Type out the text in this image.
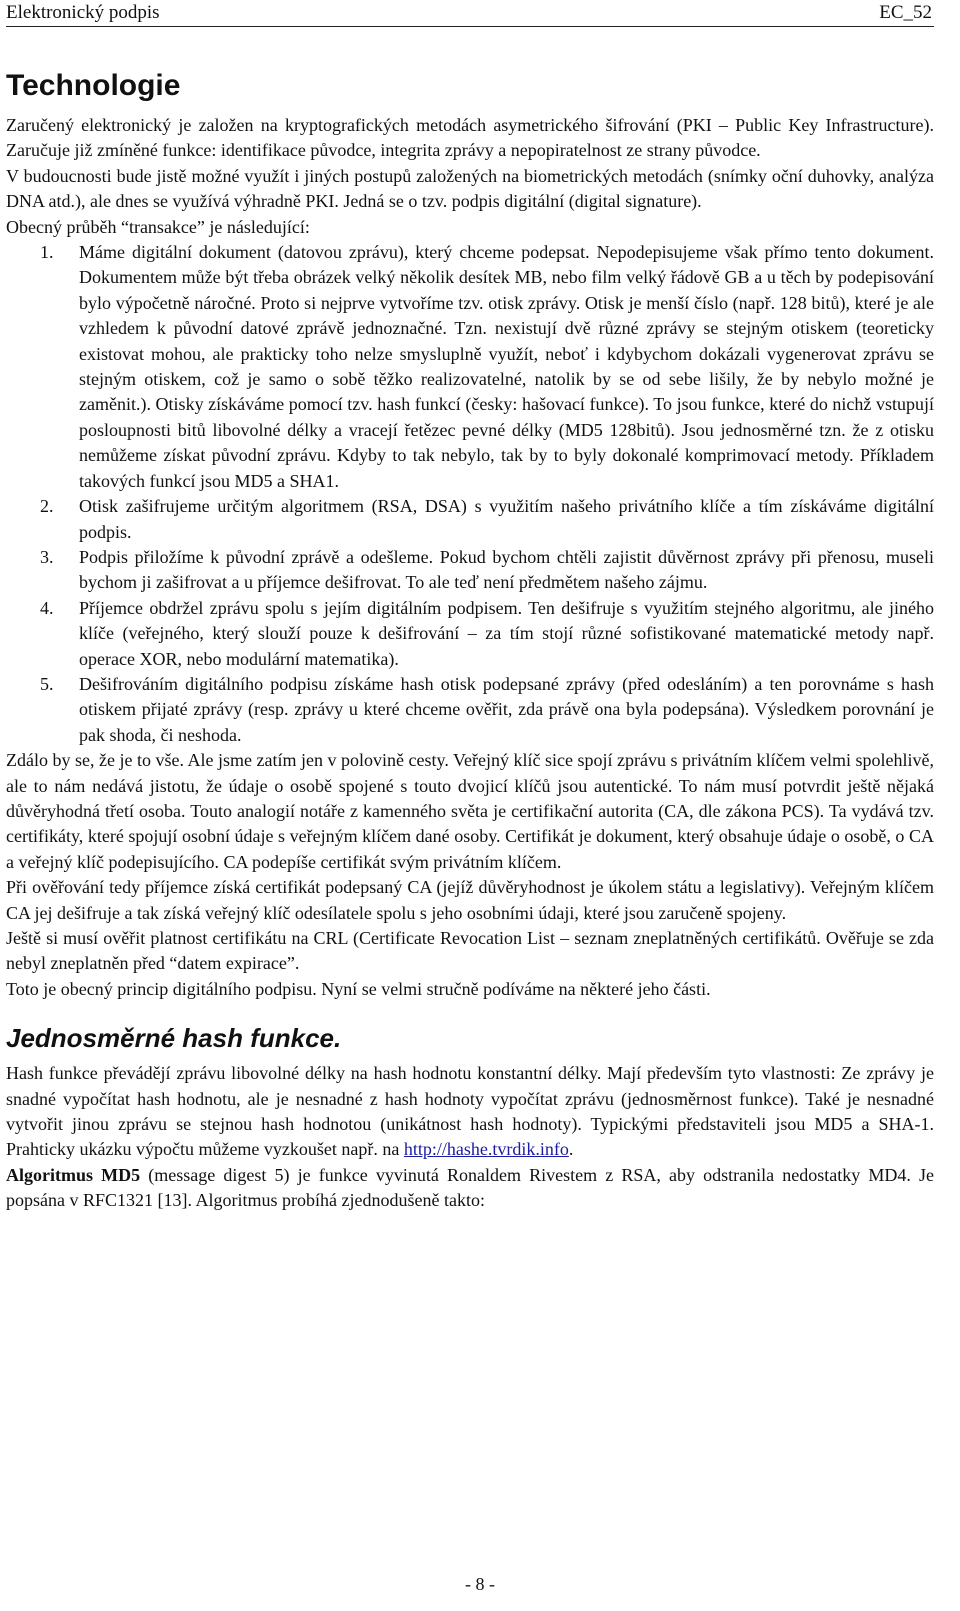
Elektronický podpis	EC_52
Technologie

Zaručený elektronický je založen na kryptografických metodách asymetrického šifrování (PKI – Public Key Infrastructure). Zaručuje již zmíněné funkce: identifikace původce, integrita zprávy a nepopiratelnost ze strany původce.

V budoucnosti bude jistě možné využít i jiných postupů založených na biometrických metodách (snímky oční duhovky, analýza DNA atd.), ale dnes se využívá výhradně PKI. Jedná se o tzv. podpis digitální (digital signature).

Obecný průběh “transakce” je následující:

1. Máme digitální dokument (datovou zprávu), který chceme podepsat. Nepodepisujeme však přímo tento dokument. Dokumentem může být třeba obrázek velký několik desítek MB, nebo film velký řádově GB a u těch by podepisování bylo výpočetně náročné. Proto si nejprve vytvoříme tzv. otisk zprávy. Otisk je menší číslo (např. 128 bitů), které je ale vzhledem k původní datové zprávě jednoznačné. Tzn. nexistují dvě různé zprávy se stejným otiskem (teoreticky existovat mohou, ale prakticky toho nelze smysluplně využít, neboť i kdybychom dokázali vygenerovat zprávu se stejným otiskem, což je samo o sobě těžko realizovatelné, natolik by se od sebe lišily, že by nebylo možné je zaměnit.). Otisky získáváme pomocí tzv. hash funkcí (česky: hašovací funkce). To jsou funkce, které do nichž vstupují posloupnosti bitů libovolné délky a vracejí řetězec pevné délky (MD5 128bitů). Jsou jednosměrné tzn. že z otisku nemůžeme získat původní zprávu. Kdyby to tak nebylo, tak by to byly dokonalé komprimovací metody. Příkladem takových funkcí jsou MD5 a SHA1.
2. Otisk zašifrujeme určitým algoritmem (RSA, DSA) s využitím našeho privátního klíče a tím získáváme digitální podpis.
3. Podpis přiložíme k původní zprávě a odešleme. Pokud bychom chtěli zajistit důvěrnost zprávy při přenosu, museli bychom ji zašifrovat a u příjemce dešifrovat. To ale teď není předmětem našeho zájmu.
4. Příjemce obdržel zprávu spolu s jejím digitálním podpisem. Ten dešifruje s využitím stejného algoritmu, ale jiného klíče (veřejného, který slouží pouze k dešifrování – za tím stojí různé sofistikované matematické metody např. operace XOR, nebo modulární matematika).
5. Dešifrováním digitálního podpisu získáme hash otisk podepsané zprávy (před odesláním) a ten porovnáme s hash otiskem přijaté zprávy (resp. zprávy u které chceme ověřit, zda právě ona byla podepsána). Výsledkem porovnání je pak shoda, či neshoda.

Zdálo by se, že je to vše. Ale jsme zatím jen v polovině cesty. Veřejný klíč sice spojí zprávu s privátním klíčem velmi spolehlivě, ale to nám nedává jistotu, že údaje o osobě spojené s touto dvojicí klíčů jsou autentické. To nám musí potvrdit ještě nějaká důvěryhodná třetí osoba. Touto analogií notáře z kamenného světa je certifikační autorita (CA, dle zákona PCS). Ta vydává tzv. certifikáty, které spojují osobní údaje s veřejným klíčem dané osoby. Certifikát je dokument, který obsahuje údaje o osobě, o CA a veřejný klíč podepisujícího. CA podepíše certifikát svým privátním klíčem.

Při ověřování tedy příjemce získá certifikát podepsaný CA (jejíž důvěryhodnost je úkolem státu a legislativy). Veřejným klíčem CA jej dešifruje a tak získá veřejný klíč odesílatele spolu s jeho osobními údaji, které jsou zaručeně spojeny.

Ještě si musí ověřit platnost certifikátu na CRL (Certificate Revocation List – seznam zneplatněných certifikátů. Ověřuje se zda nebyl zneplatněn před “datem expirace”.

Toto je obecný princip digitálního podpisu. Nyní se velmi stručně podíváme na některé jeho části.

Jednosměrné hash funkce.

Hash funkce převádějí zprávu libovolné délky na hash hodnotu konstantní délky. Mají především tyto vlastnosti: Ze zprávy je snadné vypočítat hash hodnotu, ale je nesnadné z hash hodnoty vypočítat zprávu (jednosměrnost funkce). Také je nesnadné vytvořit jinou zprávu se stejnou hash hodnotou (unikátnost hash hodnoty). Typickými představiteli jsou MD5 a SHA-1. Prahticky ukázku výpočtu můžeme vyzkoušet např. na http://hashe.tvrdik.info.

Algoritmus MD5 (message digest 5) je funkce vyvinutá Ronaldem Rivestem z RSA, aby odstranila nedostatky MD4. Je popsána v RFC1321 [13]. Algoritmus probíhá zjednodušeně takto:

- 8 -
